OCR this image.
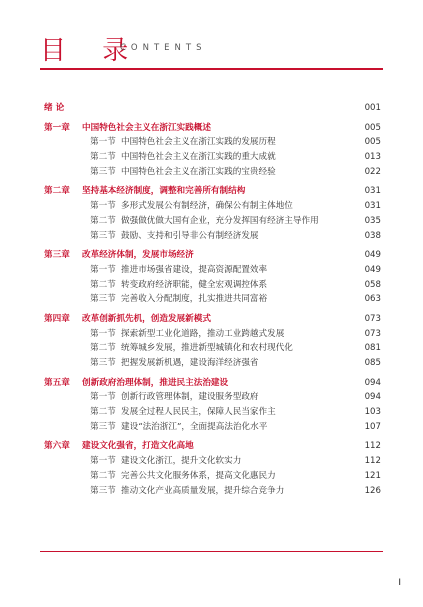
目 录
CONTENTS
绪 论	001
第一章 中国特色社会主义在浙江实践概述	005
第一节 中国特色社会主义在浙江实践的发展历程	005
第二节 中国特色社会主义在浙江实践的重大成就	013
第三节 中国特色社会主义在浙江实践的宝贵经验	022
第二章 坚持基本经济制度，调整和完善所有制结构	031
第一节 多形式发展公有制经济，确保公有制主体地位	031
第二节 做强做优做大国有企业，充分发挥国有经济主导作用	035
第三节 鼓励、支持和引导非公有制经济发展	038
第三章 改革经济体制，发展市场经济	049
第一节 推进市场强省建设，提高资源配置效率	049
第二节 转变政府经济职能，健全宏观调控体系	058
第三节 完善收入分配制度，扎实推进共同富裕	063
第四章 改革创新抓先机，创造发展新模式	073
第一节 探索新型工业化道路，推动工业跨越式发展	073
第二节 统筹城乡发展，推进新型城镇化和农村现代化	081
第三节 把握发展新机遇，建设海洋经济强省	085
第五章 创新政府治理体制，推进民主法治建设	094
第一节 创新行政管理体制，建设服务型政府	094
第二节 发展全过程人民民主，保障人民当家作主	103
第三节 建设“法治浙江”，全面提高法治化水平	107
第六章 建设文化强省，打造文化高地	112
第一节 建设文化浙江，提升文化软实力	112
第二节 完善公共文化服务体系，提高文化惠民力	121
第三节 推动文化产业高质量发展，提升综合竞争力	126
I
